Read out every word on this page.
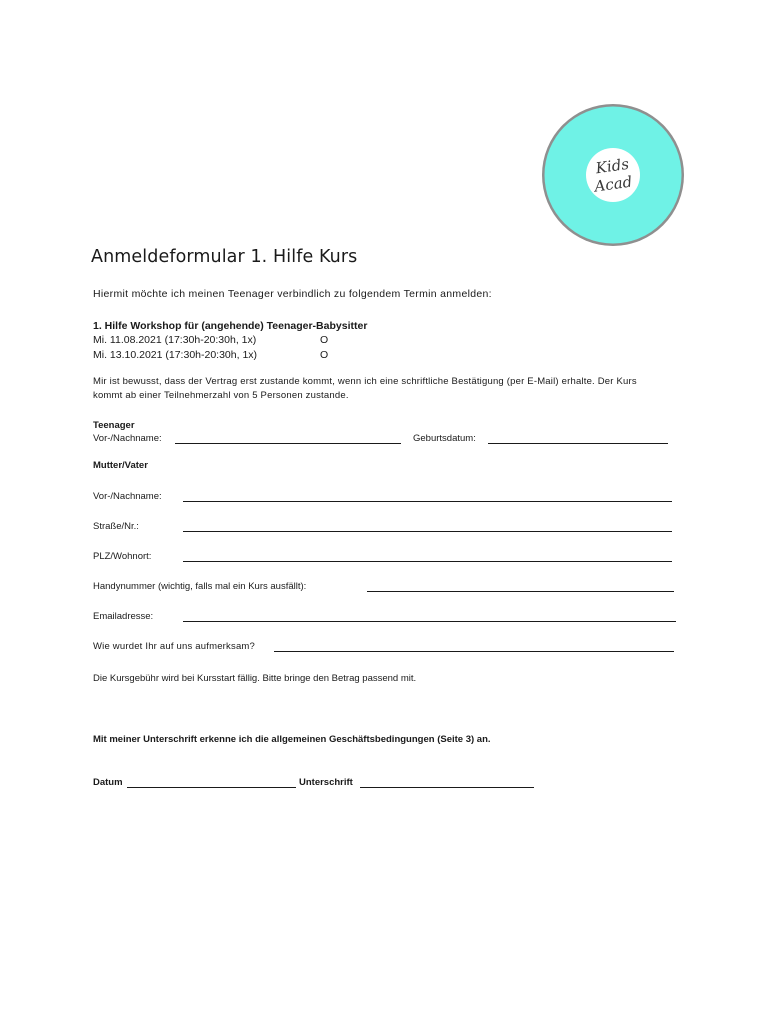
Kids
Acad
Anmeldeformular 1. Hilfe Kurs
Hiermit möchte ich meinen Teenager verbindlich zu folgendem Termin anmelden:
1. Hilfe Workshop für (angehende) Teenager-Babysitter
Mi. 11.08.2021 (17:30h-20:30h, 1x)	O
Mi. 13.10.2021 (17:30h-20:30h, 1x)	O
Mir ist bewusst, dass der Vertrag erst zustande kommt, wenn ich eine schriftliche Bestätigung (per E-Mail) erhalte. Der Kurs
kommt ab einer Teilnehmerzahl von 5 Personen zustande.
Teenager
Vor-/Nachname:	Geburtsdatum:
Mutter/Vater
Vor-/Nachname:
Straße/Nr.:
PLZ/Wohnort:
Handynummer (wichtig, falls mal ein Kurs ausfällt):
Emailadresse:
Wie wurdet Ihr auf uns aufmerksam?
Die Kursgebühr wird bei Kursstart fällig. Bitte bringe den Betrag passend mit.
Mit meiner Unterschrift erkenne ich die allgemeinen Geschäftsbedingungen (Seite 3) an.
Datum	Unterschrift
